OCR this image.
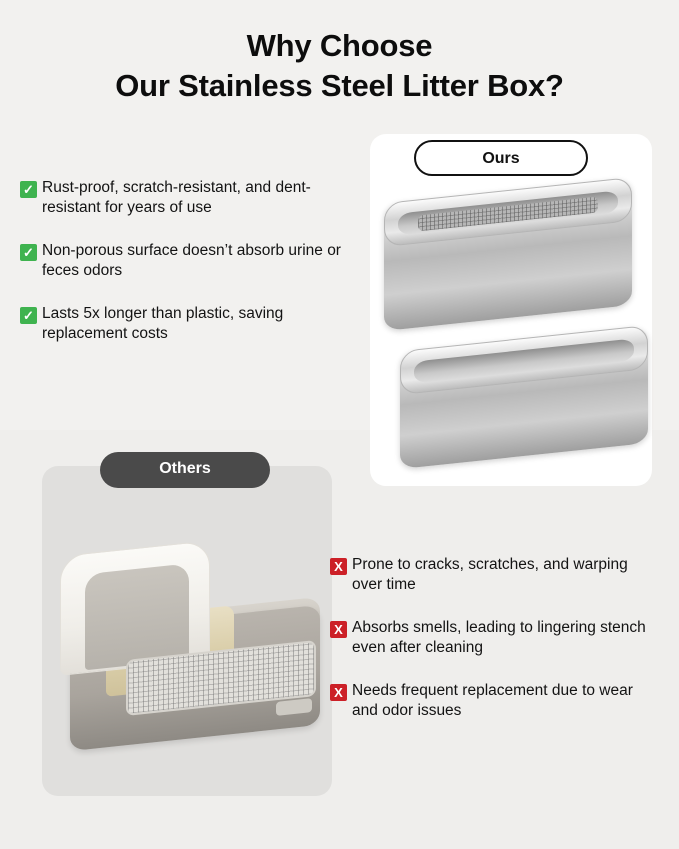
Why Choose
Our Stainless Steel Litter Box?
Ours
✓ Rust-proof, scratch-resistant, and dent-resistant for years of use
✓ Non-porous surface doesn’t absorb urine or feces odors
✓ Lasts 5x longer than plastic, saving replacement costs
Others
X Prone to cracks, scratches, and warping over time
X Absorbs smells, leading to lingering stench even after cleaning
X Needs frequent replacement due to wear and odor issues
